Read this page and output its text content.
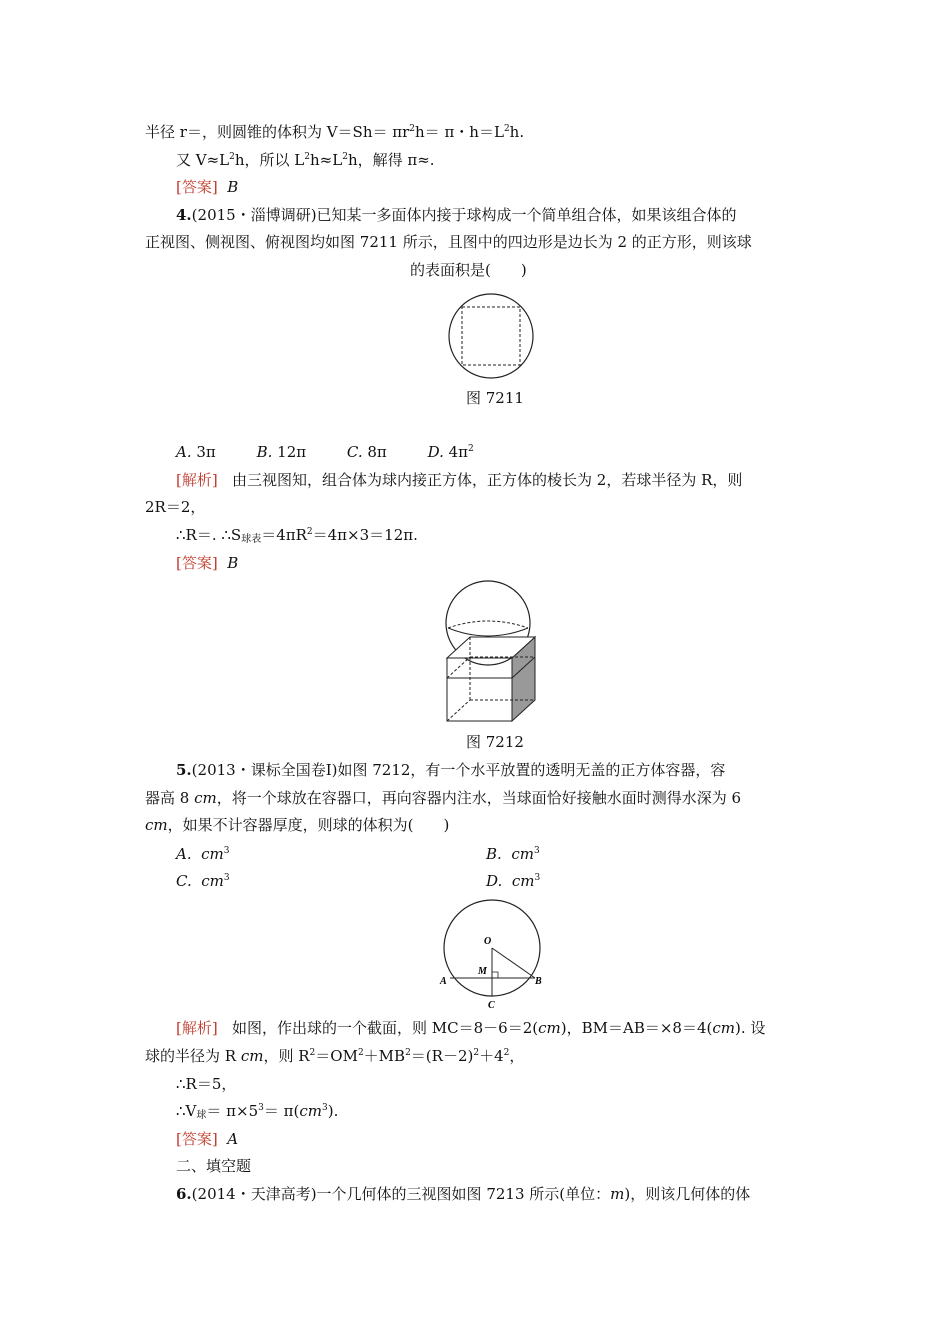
半径 r＝，则圆锥的体积为 $V=Sh= \pi r^2h= \pi$・$h=L^2h$.
又 $V\approx L^2h$，所以 $L^2h\approx L^2h$，解得 π≈.
[答案] B
4.(2015・淄博调研)已知某一多面体内接于球构成一个简单组合体，如果该组合体的
正视图、侧视图、俯视图均如图 7211 所示，且图中的四边形是边长为 2 的正方形，则该球
的表面积是(　　)
图 7211
A. 3π	B. 12π	C. 8π	D. $4\pi^2$
[解析] 由三视图知，组合体为球内接正方体，正方体的棱长为 2，若球半径为 R，则
2R＝2，
∴R＝. $\therefore S_{球表}=4\pi R^2=4\pi\times 3=12\pi$.
[答案] B
图 7212
5.(2013・课标全国卷Ⅰ)如图 7212，有一个水平放置的透明无盖的正方体容器，容
器高 8 cm，将一个球放在容器口，再向容器内注水，当球面恰好接触水面时测得水深为 6
cm，如果不计容器厚度，则球的体积为(　　)
A. $cm^3$	B. $cm^3$
C. $cm^3$	D. $cm^3$
O
M
A	B
C
[解析] 如图，作出球的一个截面，则 MC＝8－6＝2(cm)，BM＝AB＝×8＝4(cm). 设
球的半径为 R cm，则 $R^2=OM^2+MB^2=(R-2)^2+4^2$，
∴R＝5，
$\therefore V_球= \pi\times 5^3= \pi(cm^3)$.
[答案] A
二、填空题
6.(2014・天津高考)一个几何体的三视图如图 7213 所示(单位：m)，则该几何体的体
